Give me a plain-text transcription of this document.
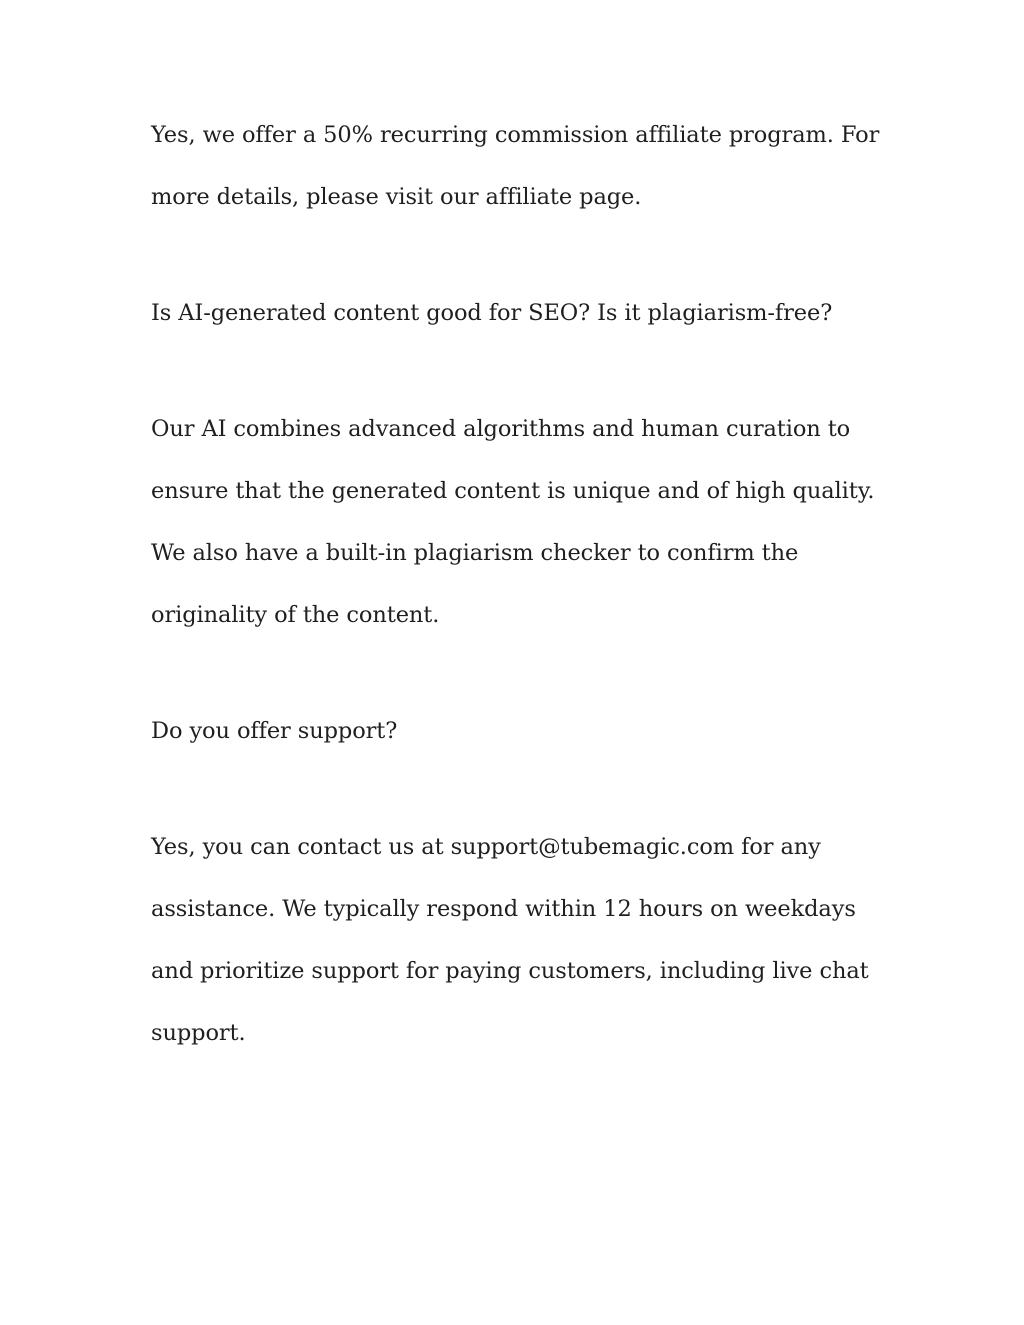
Yes, we offer a 50% recurring commission affiliate program. For
more details, please visit our affiliate page.
Is AI-generated content good for SEO? Is it plagiarism-free?
Our AI combines advanced algorithms and human curation to
ensure that the generated content is unique and of high quality.
We also have a built-in plagiarism checker to confirm the
originality of the content.
Do you offer support?
Yes, you can contact us at support@tubemagic.com for any
assistance. We typically respond within 12 hours on weekdays
and prioritize support for paying customers, including live chat
support.
